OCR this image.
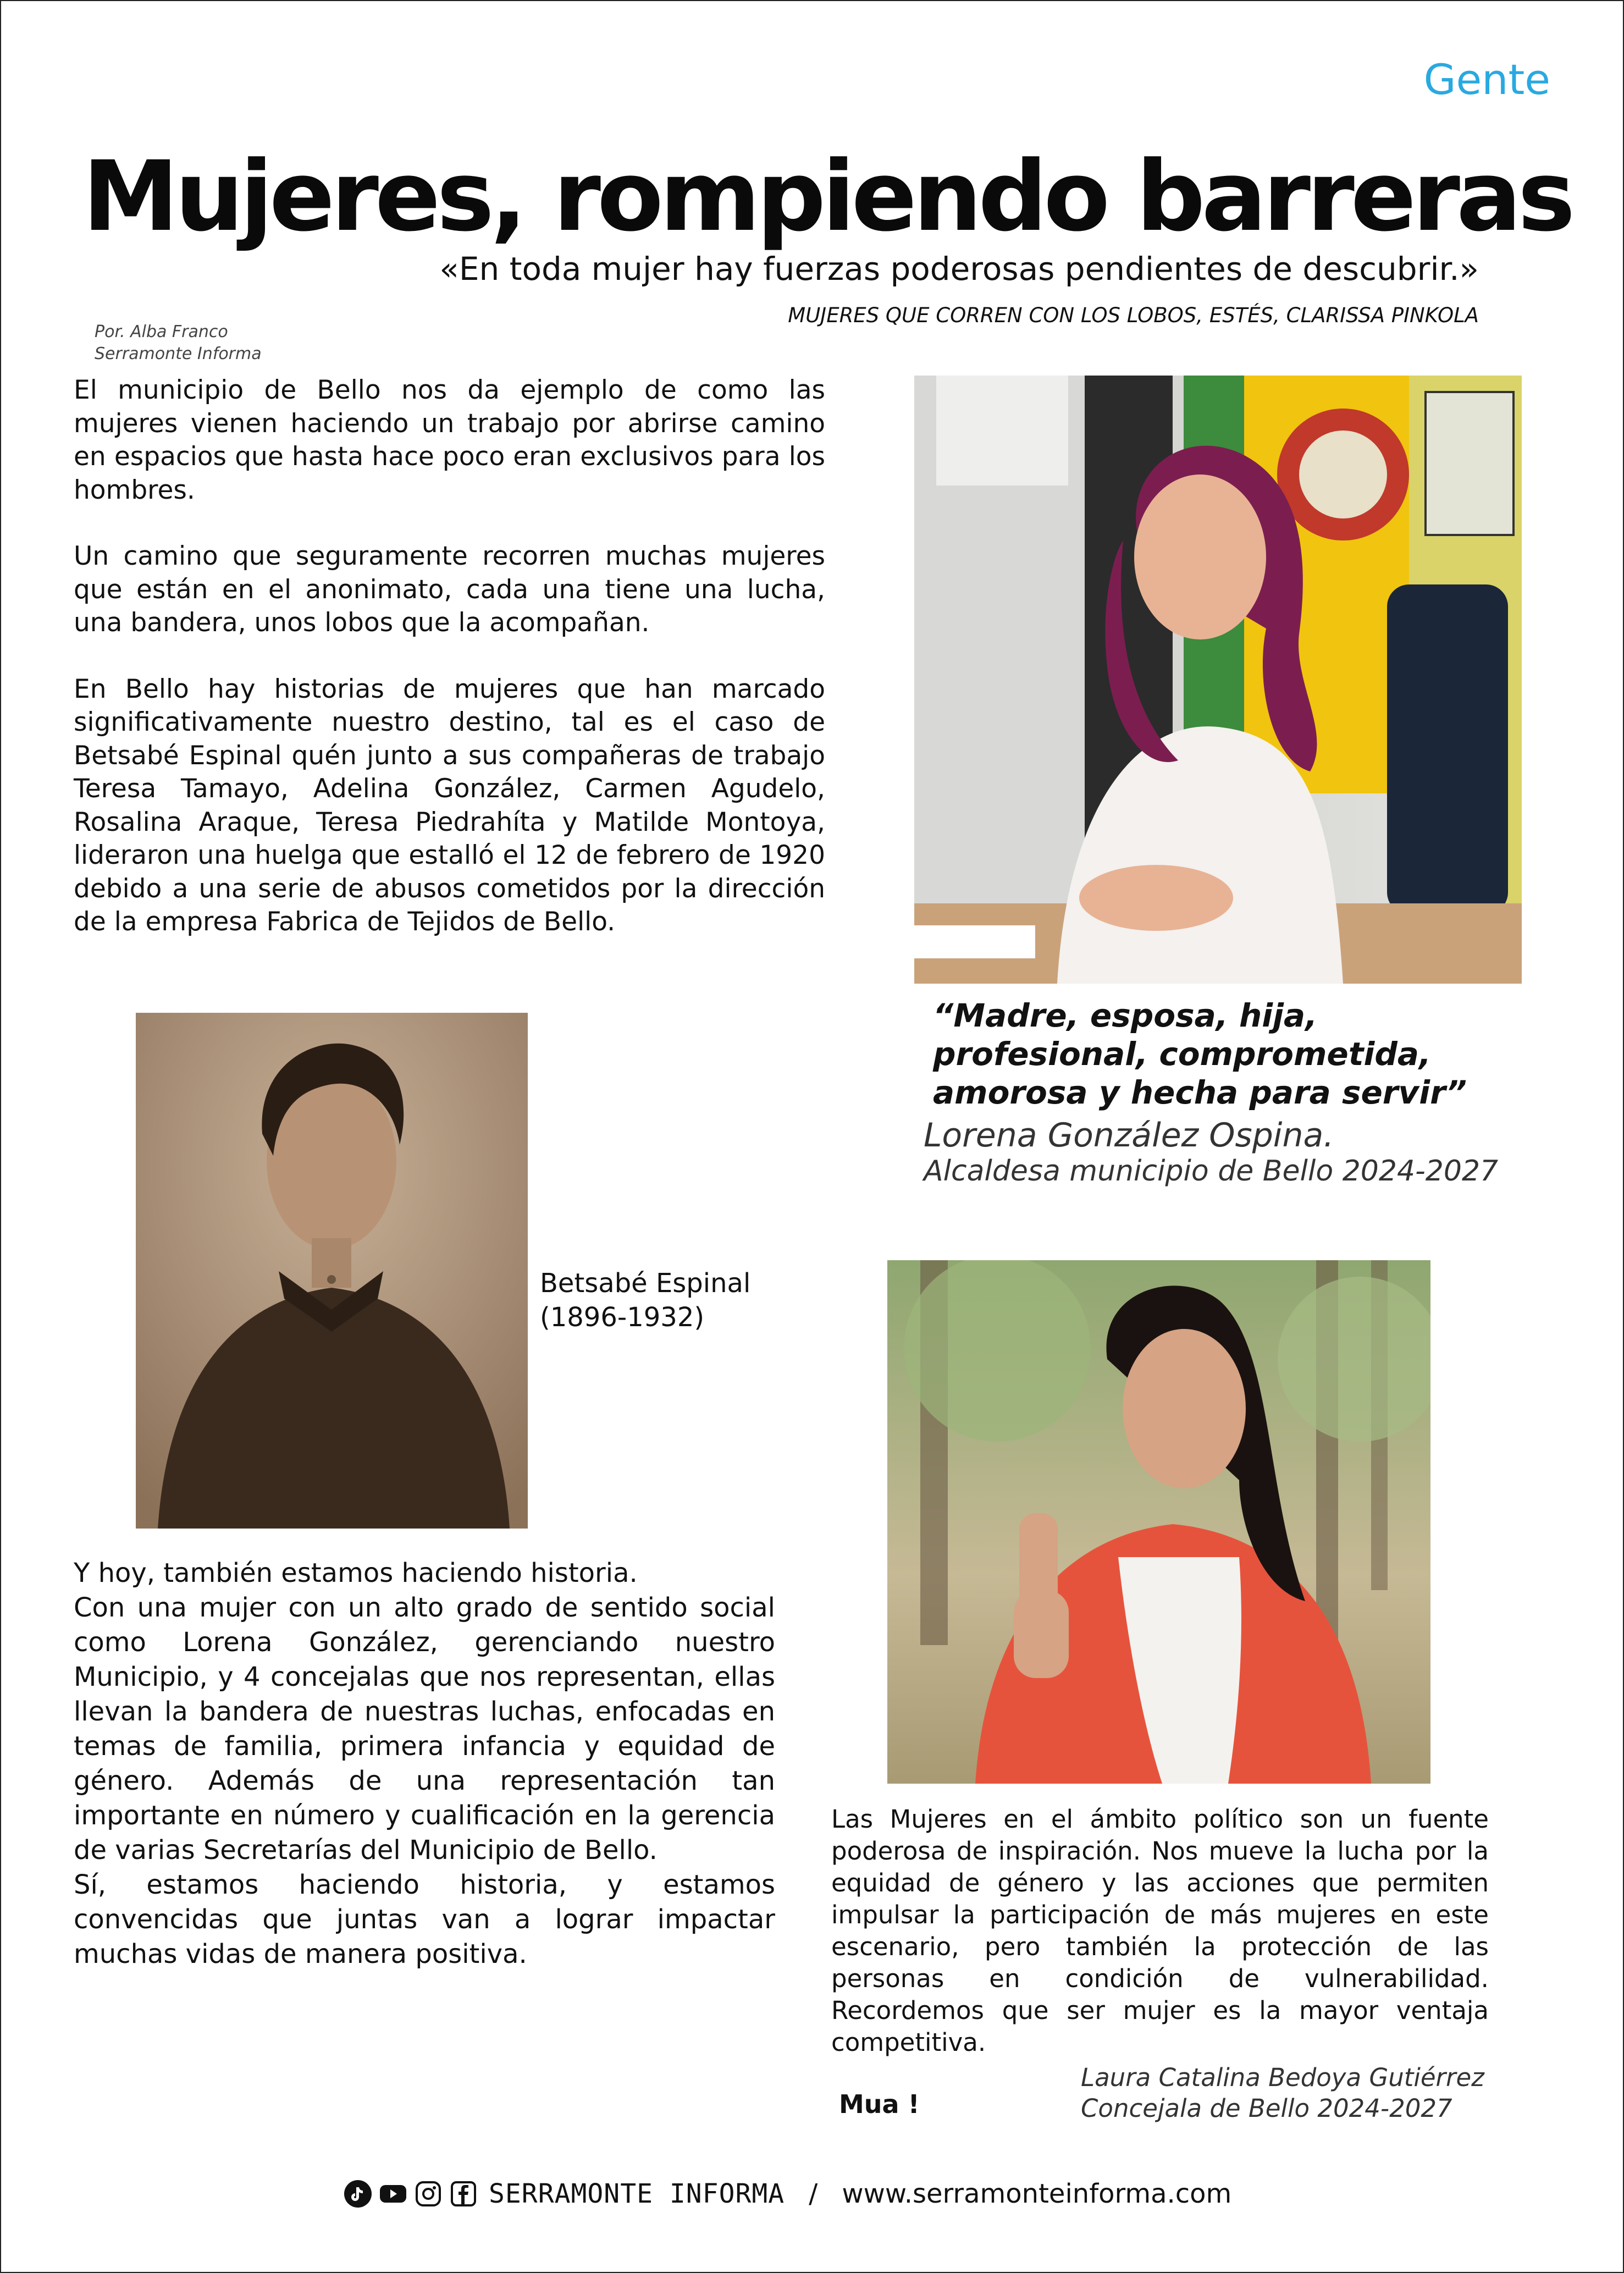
Gente
Mujeres, rompiendo barreras
«En toda mujer hay fuerzas poderosas pendientes de descubrir.»
MUJERES QUE CORREN CON LOS LOBOS, ESTÉS, CLARISSA PINKOLA
Por. Alba Franco
Serramonte Informa

El municipio de Bello nos da ejemplo de como las mujeres vienen haciendo un trabajo por abrirse camino en espacios que hasta hace poco eran exclusivos para los hombres.

Un camino que seguramente recorren muchas mujeres que están en el anonimato, cada una tiene una lucha, una bandera, unos lobos que la acompañan.

En Bello hay historias de mujeres que han marcado significativamente nuestro destino, tal es el caso de Betsabé Espinal quén junto a sus compañeras de trabajo Teresa Tamayo, Adelina González, Carmen Agudelo, Rosalina Araque, Teresa Piedrahíta y Matilde Montoya, lideraron una huelga que estalló el 12 de febrero de 1920 debido a una serie de abusos cometidos por la dirección de la empresa Fabrica de Tejidos de Bello.

“Madre, esposa, hija, profesional, comprometida, amorosa y hecha para servir”
Lorena González Ospina.
Alcaldesa municipio de Bello 2024-2027
Betsabé Espinal
(1896-1932)

Y hoy, también estamos haciendo historia.

Con una mujer con un alto grado de sentido social como Lorena González, gerenciando nuestro Municipio, y 4 concejalas que nos representan, ellas llevan la bandera de nuestras luchas, enfocadas en temas de familia, primera infancia y equidad de género. Además de una representación tan importante en número y cualificación en la gerencia de varias Secretarías del Municipio de Bello.

Sí, estamos haciendo historia, y estamos convencidas que juntas van a lograr impactar muchas vidas de manera positiva.

Las Mujeres en el ámbito político son un fuente poderosa de inspiración. Nos mueve la lucha por la equidad de género y las acciones que permiten impulsar la participación de más mujeres en este escenario, pero también la protección de las personas en condición de vulnerabilidad. Recordemos que ser mujer es la mayor ventaja competitiva.

Laura Catalina Bedoya Gutiérrez
Concejala de Bello 2024-2027
Mua !
SERRAMONTE INFORMA / www.serramonteinforma.com
